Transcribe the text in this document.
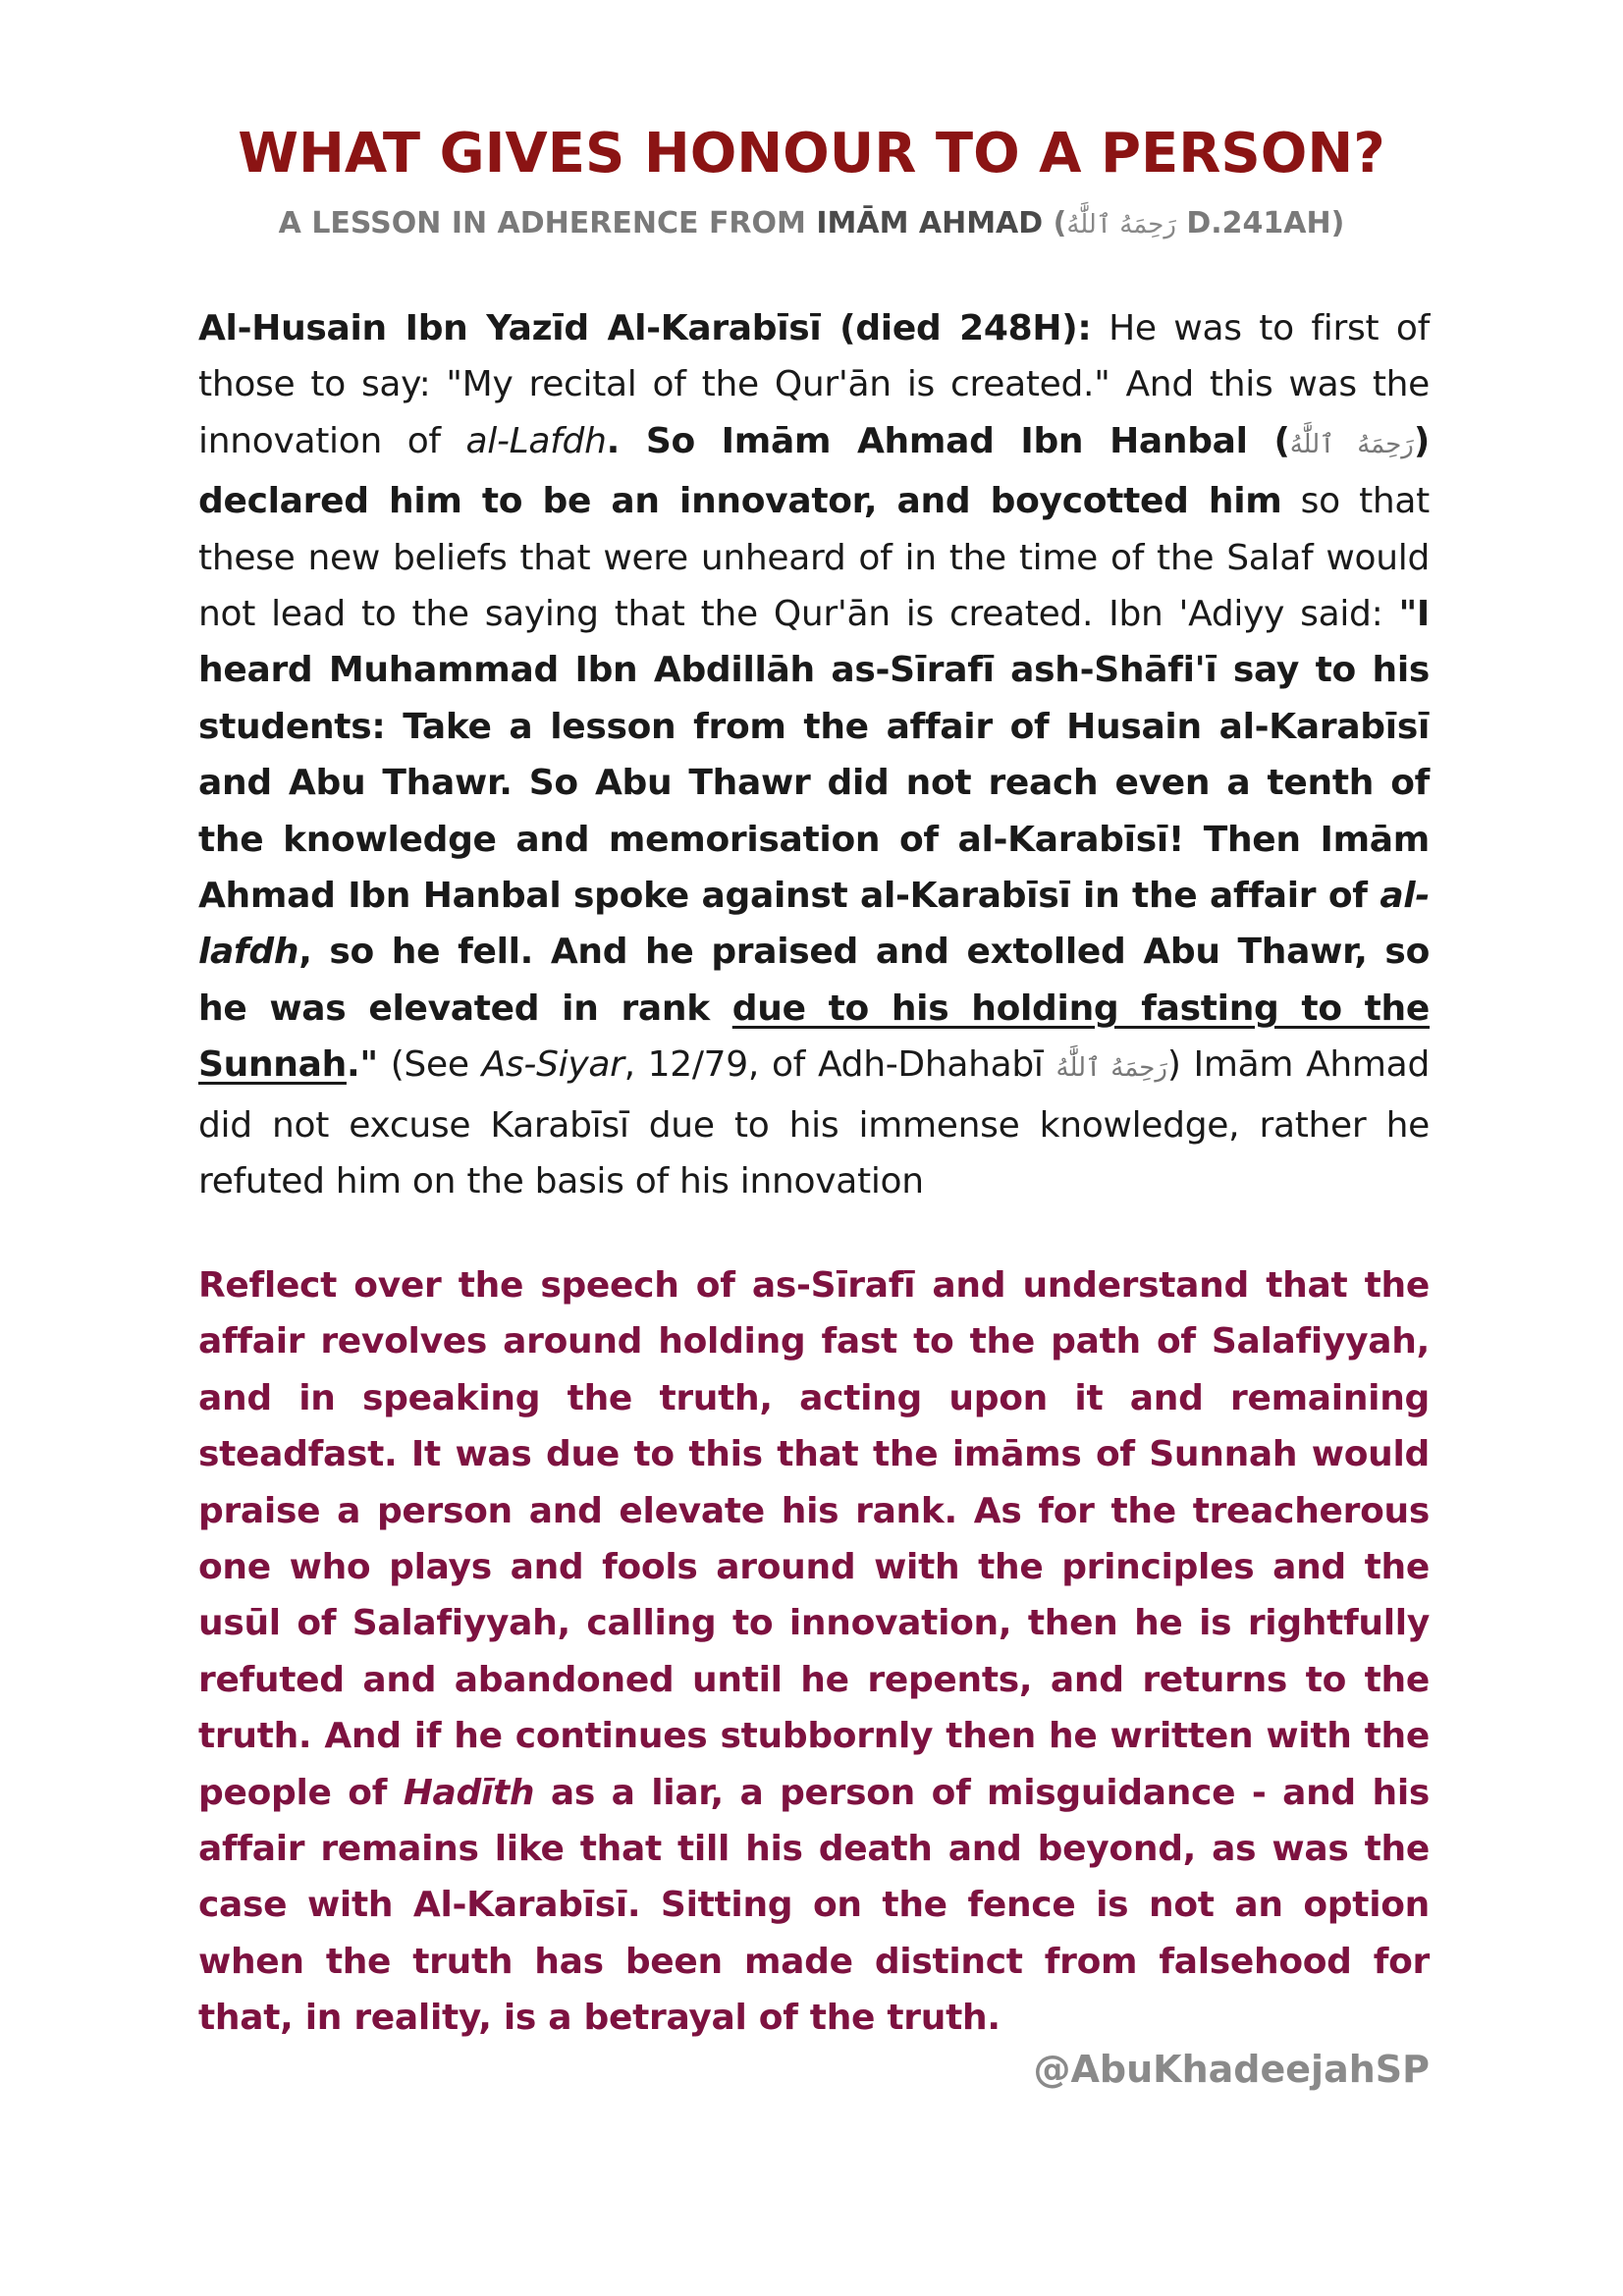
WHAT GIVES HONOUR TO A PERSON?
A LESSON IN ADHERENCE FROM IMĀM AHMAD (رَحِمَهُ ٱللَّٰهُ D.241AH)
Al-Husain Ibn Yazīd Al-Karabīsī (died 248H): He was to first of those to say: "My recital of the Qur'ān is created." And this was the innovation of al-Lafdh. So Imām Ahmad Ibn Hanbal (رَحِمَهُ ٱللَّٰهُ) declared him to be an innovator, and boycotted him so that these new beliefs that were unheard of in the time of the Salaf would not lead to the saying that the Qur'ān is created. Ibn 'Adiyy said: "I heard Muhammad Ibn Abdillāh as-Sīrafī ash-Shāfi'ī say to his students: Take a lesson from the affair of Husain al-Karabīsī and Abu Thawr. So Abu Thawr did not reach even a tenth of the knowledge and memorisation of al-Karabīsī! Then Imām Ahmad Ibn Hanbal spoke against al-Karabīsī in the affair of al-lafdh, so he fell. And he praised and extolled Abu Thawr, so he was elevated in rank due to his holding fasting to the Sunnah." (See As-Siyar, 12/79, of Adh-Dhahabī رَحِمَهُ ٱللَّٰهُ) Imām Ahmad did not excuse Karabīsī due to his immense knowledge, rather he refuted him on the basis of his innovation
Reflect over the speech of as-Sīrafī and understand that the affair revolves around holding fast to the path of Salafiyyah, and in speaking the truth, acting upon it and remaining steadfast. It was due to this that the imāms of Sunnah would praise a person and elevate his rank. As for the treacherous one who plays and fools around with the principles and the usūl of Salafiyyah, calling to innovation, then he is rightfully refuted and abandoned until he repents, and returns to the truth. And if he continues stubbornly then he written with the people of Hadīth as a liar, a person of misguidance - and his affair remains like that till his death and beyond, as was the case with Al-Karabīsī. Sitting on the fence is not an option when the truth has been made distinct from falsehood for that, in reality, is a betrayal of the truth.
@AbuKhadeejahSP
